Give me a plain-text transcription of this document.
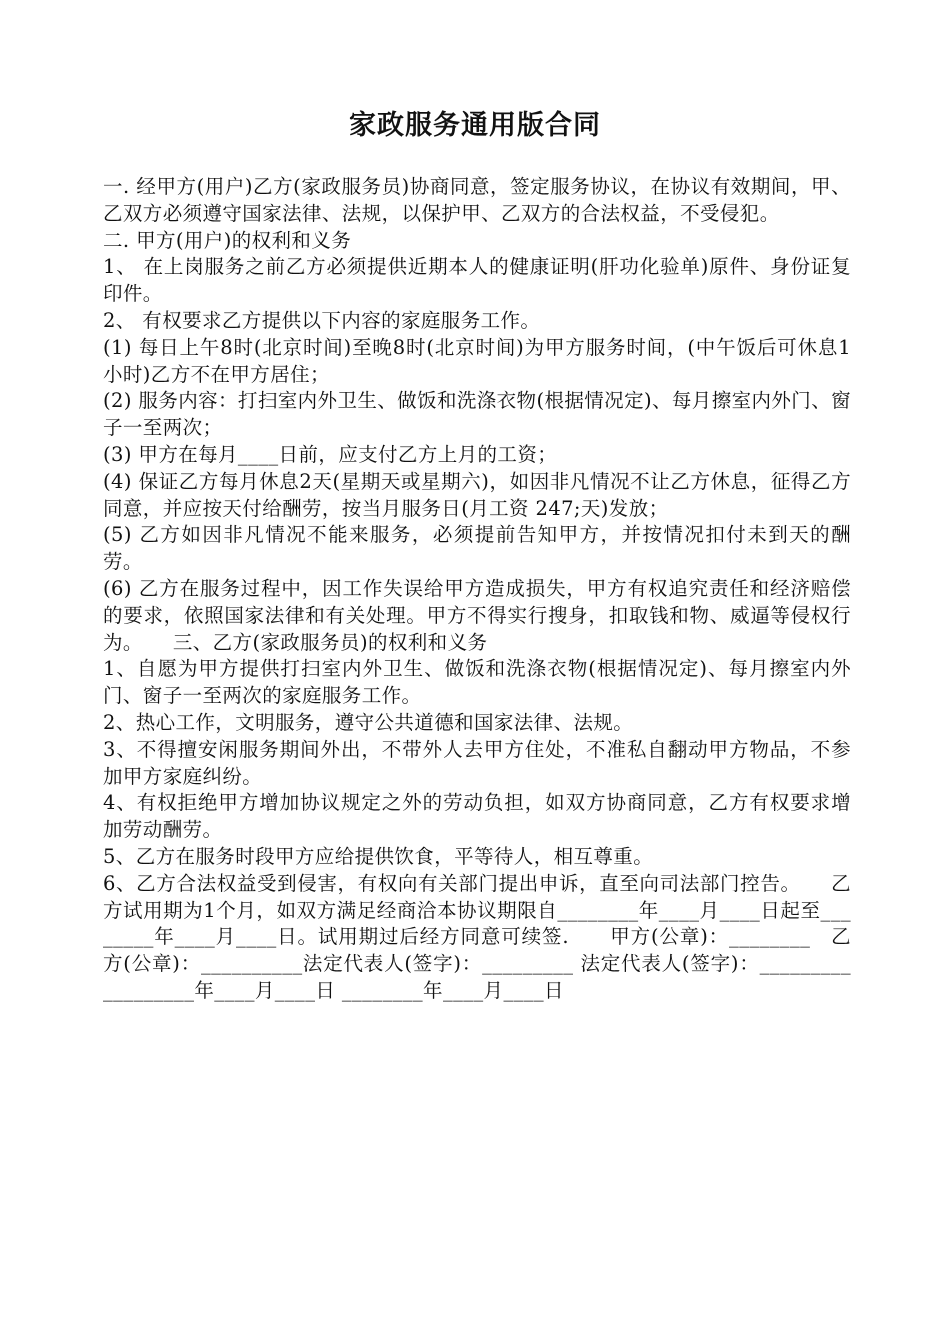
家政服务通用版合同

一. 经甲方(用户)乙方(家政服务员)协商同意，签定服务协议，在协议有效期间，甲、乙双方必须遵守国家法律、法规，以保护甲、乙双方的合法权益，不受侵犯。

二. 甲方(用户)的权利和义务

1、 在上岗服务之前乙方必须提供近期本人的健康证明(肝功化验单)原件、身份证复印件。

2、 有权要求乙方提供以下内容的家庭服务工作。

(1) 每日上午8时(北京时间)至晚8时(北京时间)为甲方服务时间，(中午饭后可休息1小时)乙方不在甲方居住；

(2) 服务内容：打扫室内外卫生、做饭和洗涤衣物(根据情况定)、每月擦室内外门、窗子一至两次；

(3) 甲方在每月____日前，应支付乙方上月的工资；

(4) 保证乙方每月休息2天(星期天或星期六)，如因非凡情况不让乙方休息，征得乙方同意，并应按天付给酬劳，按当月服务日(月工资 247;天)发放；

(5) 乙方如因非凡情况不能来服务，必须提前告知甲方，并按情况扣付未到天的酬劳。

(6) 乙方在服务过程中，因工作失误给甲方造成损失，甲方有权追究责任和经济赔偿的要求，依照国家法律和有关处理。甲方不得实行搜身，扣取钱和物、威逼等侵权行为。　　三、乙方(家政服务员)的权利和义务

1、自愿为甲方提供打扫室内外卫生、做饭和洗涤衣物(根据情况定)、每月擦室内外门、窗子一至两次的家庭服务工作。

2、热心工作，文明服务，遵守公共道德和国家法律、法规。

3、不得擅安闲服务期间外出，不带外人去甲方住处，不准私自翻动甲方物品，不参加甲方家庭纠纷。

4、有权拒绝甲方增加协议规定之外的劳动负担，如双方协商同意，乙方有权要求增加劳动酬劳。

5、乙方在服务时段甲方应给提供饮食，平等待人，相互尊重。

6、乙方合法权益受到侵害，有权向有关部门提出申诉，直至向司法部门控告。　　乙方试用期为1个月，如双方满足经商洽本协议期限自________年____月____日起至________年____月____日。试用期过后经方同意可续签.　　甲方(公章)：________　乙方(公章)：__________法定代表人(签字)：_________ 法定代表人(签字)：_________　　 _________年____月____日 ________年____月____日
